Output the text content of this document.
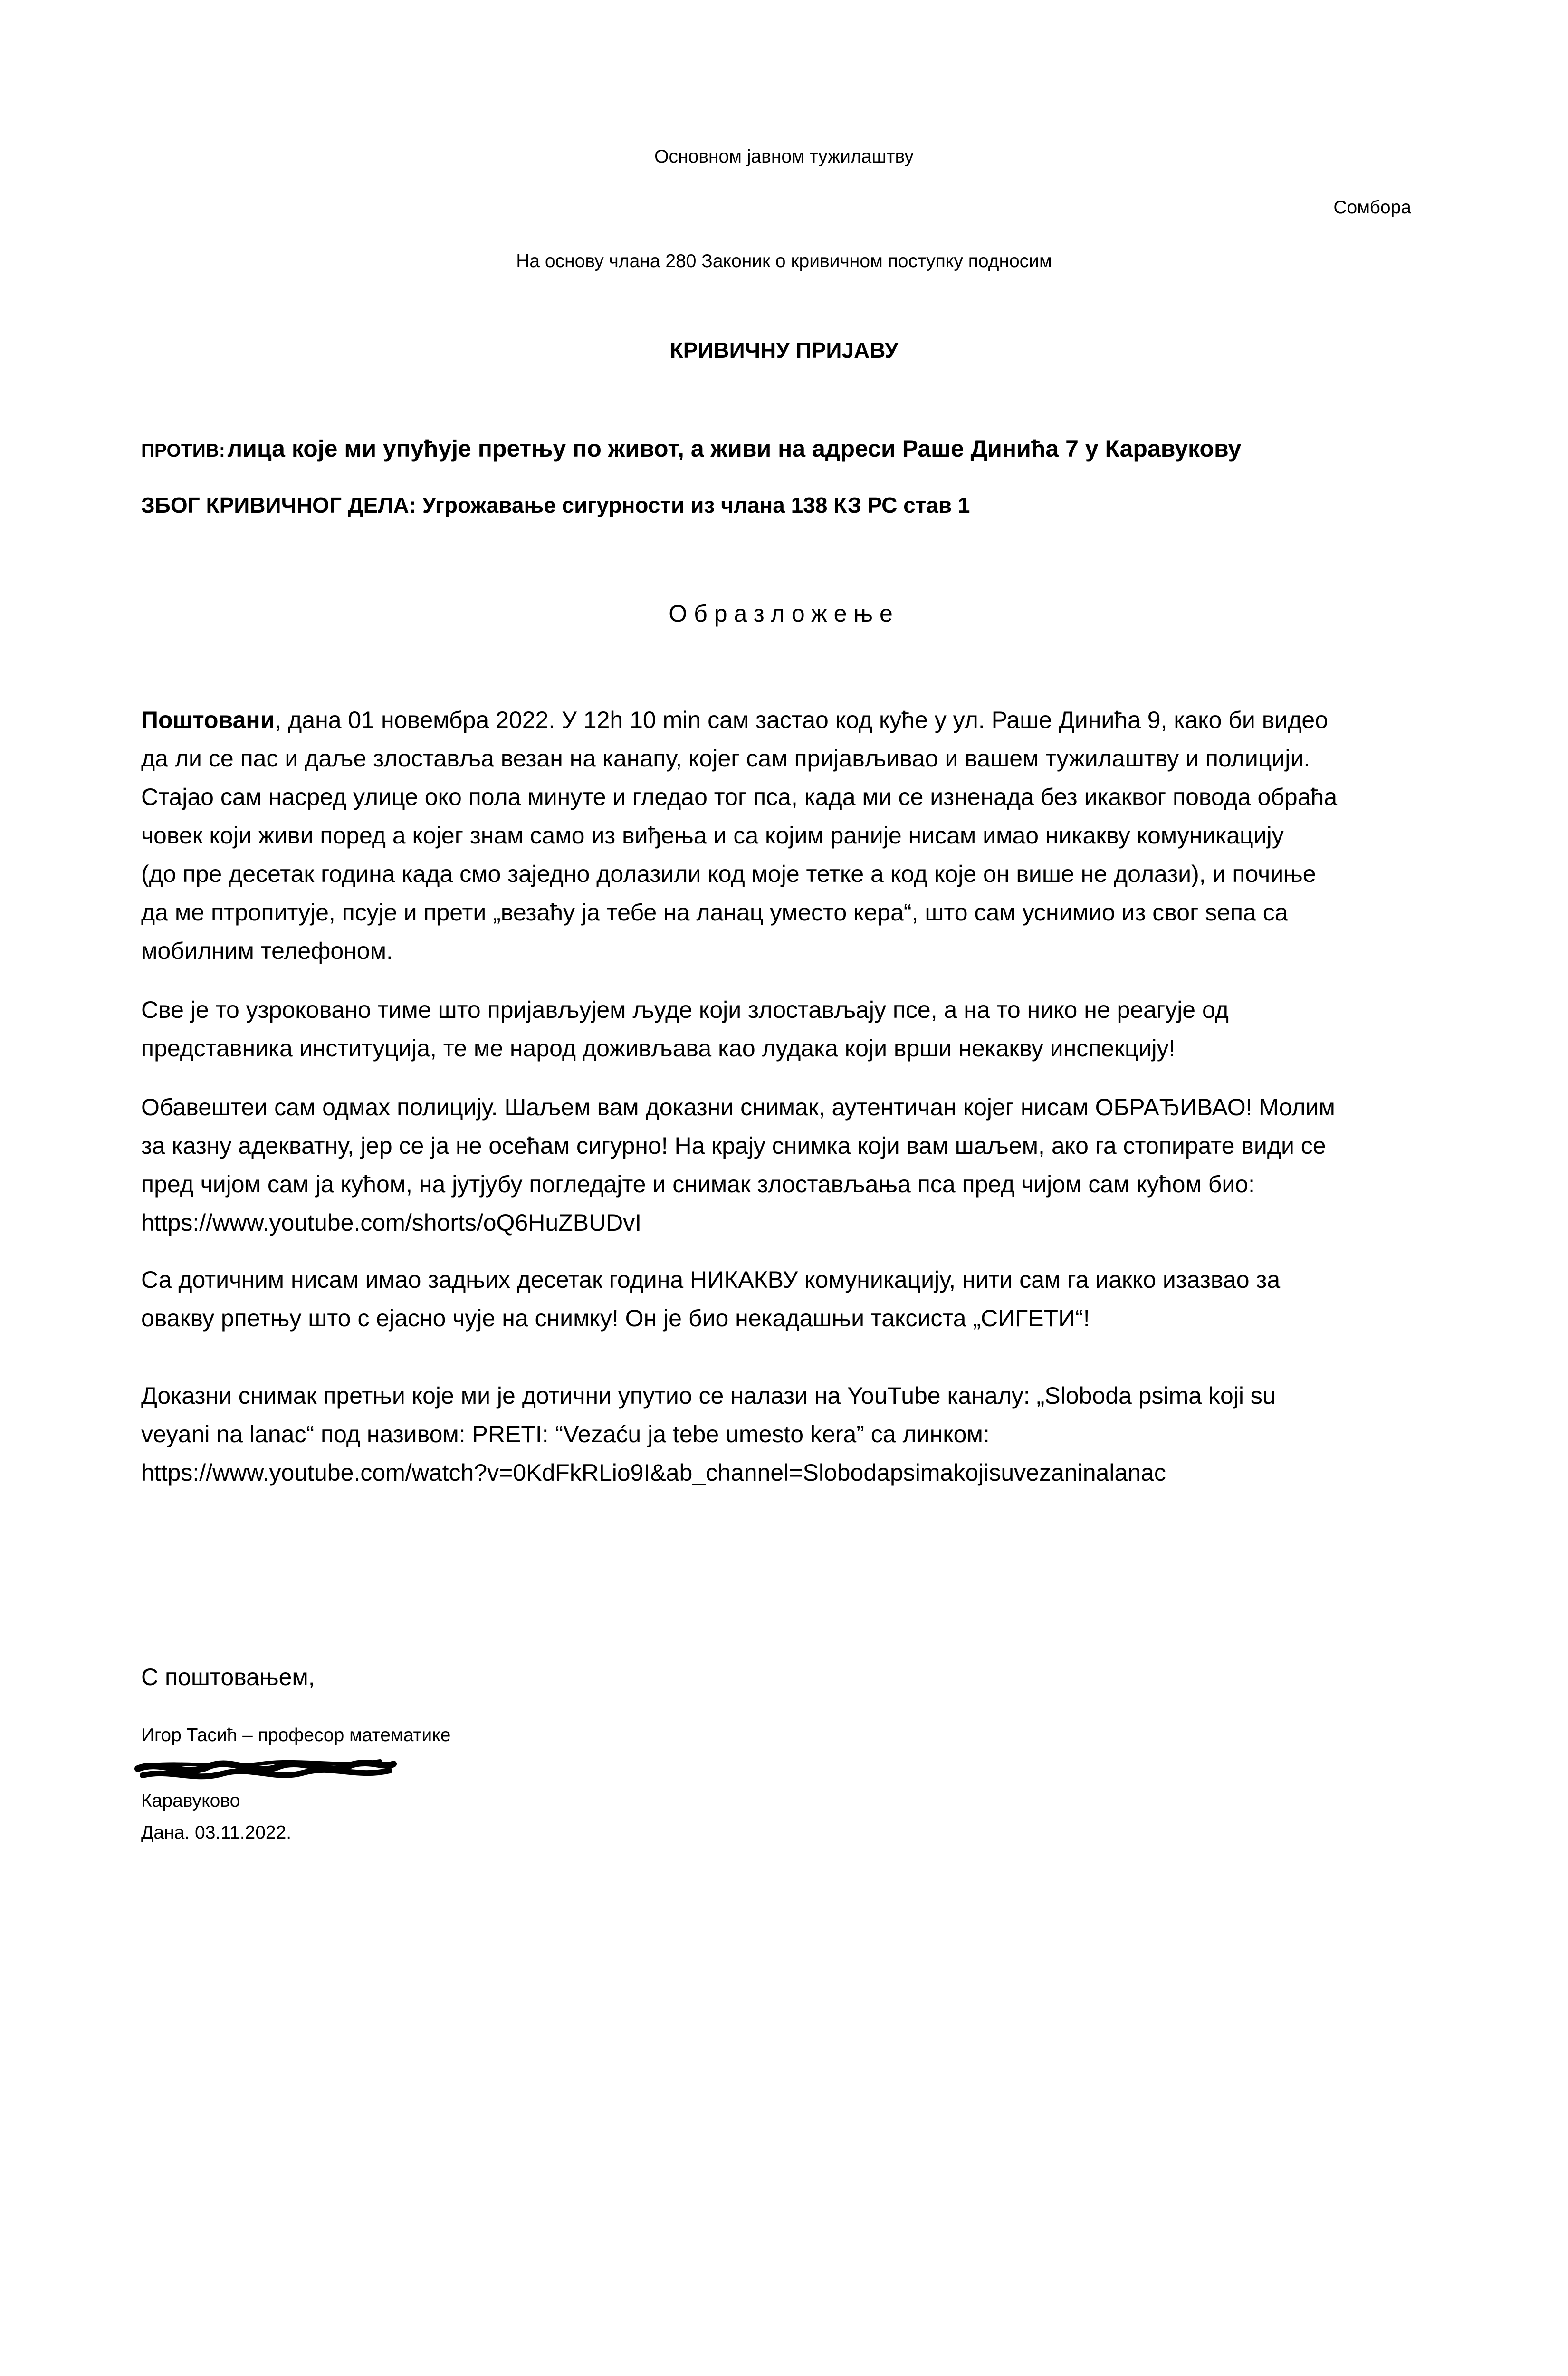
Основном јавном тужилаштву
Сомбора
На основу члана 280 Законик о кривичном поступку подносим
КРИВИЧНУ ПРИЈАВУ
ПРОТИВ: лица које ми упућује претњу по живот, а живи на адреси Раше Динића 7 у Каравукову
ЗБОГ КРИВИЧНОГ ДЕЛА: Угрожавање сигурности из члана 138 КЗ РС став 1
Образложење
Поштовани, дана 01 новембра 2022. У 12h 10 min сам застао код куће у ул. Раше Динића 9, како би видео
да ли се пас и даље злоставља везан на канапу, којег сам пријављивао и вашем тужилаштву и полицији.
Стајао сам насред улице око пола минуте и гледао тог пса, када ми се изненада без икаквог повода обраћа
човек који живи поред а којег знам само из виђења и са којим раније нисам имао никакву комуникацију
(до пре десетак година када смо заједно долазили код моје тетке а код које он више не долази), и почиње
да ме птропитује, псује и прети „везаћу ја тебе на ланац уместо кера“, што сам уснимио из свог sепа са
мобилним телефоном.
Све је то узроковано тиме што пријављујем људе који злостављају псе, а на то нико не реагује од
представника институција, те ме народ доживљава као лудака који врши некакву инспекцију!
Обавештеи сам одмах полицију. Шаљем вам доказни снимак, аутентичан којег нисам ОБРАЂИВАО! Молим
за казну адекватну, јер се ја не осећам сигурно! На крају снимка који вам шаљем, ако га стопирате види се
пред чијом сам ја кућом, на јутјубу погледајте и снимак злостављања пса пред чијом сам кућом био:
https://www.youtube.com/shorts/oQ6HuZBUDvI
Са дотичним нисам имао задњих десетак година НИКАКВУ комуникацију, нити сам га иакко изазвао за
овакву рпетњу што с ејасно чује на снимку! Он је био некадашњи таксиста „СИГЕТИ“!
Доказни снимак претњи које ми је дотични упутио се налази на YouTube каналу: „Sloboda psima koji su
veyani na lanac“ под називом: PRETI: “Vezaću ja tebe umesto kera” са линком:
https://www.youtube.com/watch?v=0KdFkRLio9I&ab_channel=Slobodapsimakojisuvezaninalanac
С поштовањем,
Игор Тасић – професор математике
Каравуково
Дана. 03.11.2022.
